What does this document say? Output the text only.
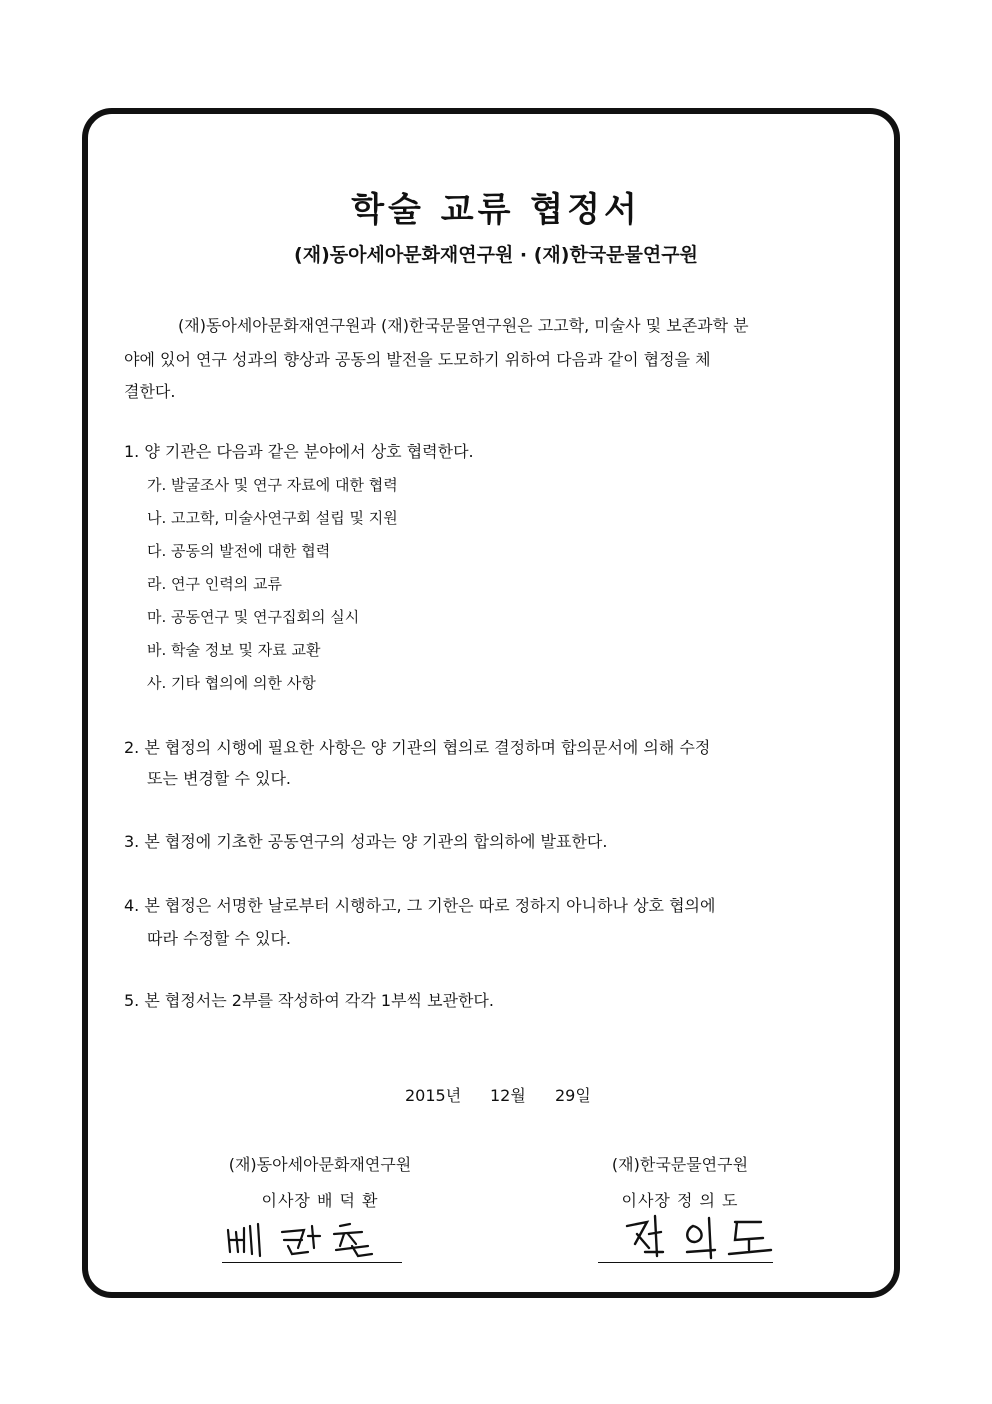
학술 교류 협정서
(재)동아세아문화재연구원 · (재)한국문물연구원
(재)동아세아문화재연구원과 (재)한국문물연구원은 고고학, 미술사 및 보존과학 분
야에 있어 연구 성과의 향상과 공동의 발전을 도모하기 위하여 다음과 같이 협정을 체
결한다.
1. 양 기관은 다음과 같은 분야에서 상호 협력한다.
가. 발굴조사 및 연구 자료에 대한 협력
나. 고고학, 미술사연구회 설립 및 지원
다. 공동의 발전에 대한 협력
라. 연구 인력의 교류
마. 공동연구 및 연구집회의 실시
바. 학술 정보 및 자료 교환
사. 기타 협의에 의한 사항
2. 본 협정의 시행에 필요한 사항은 양 기관의 협의로 결정하며 합의문서에 의해 수정
또는 변경할 수 있다.
3. 본 협정에 기초한 공동연구의 성과는 양 기관의 합의하에 발표한다.
4. 본 협정은 서명한 날로부터 시행하고, 그 기한은 따로 정하지 아니하나 상호 협의에
따라 수정할 수 있다.
5. 본 협정서는 2부를 작성하여 각각 1부씩 보관한다.
2015년 12월 29일
(재)동아세아문화재연구원
이사장 배 덕 환
(재)한국문물연구원
이사장 정 의 도
